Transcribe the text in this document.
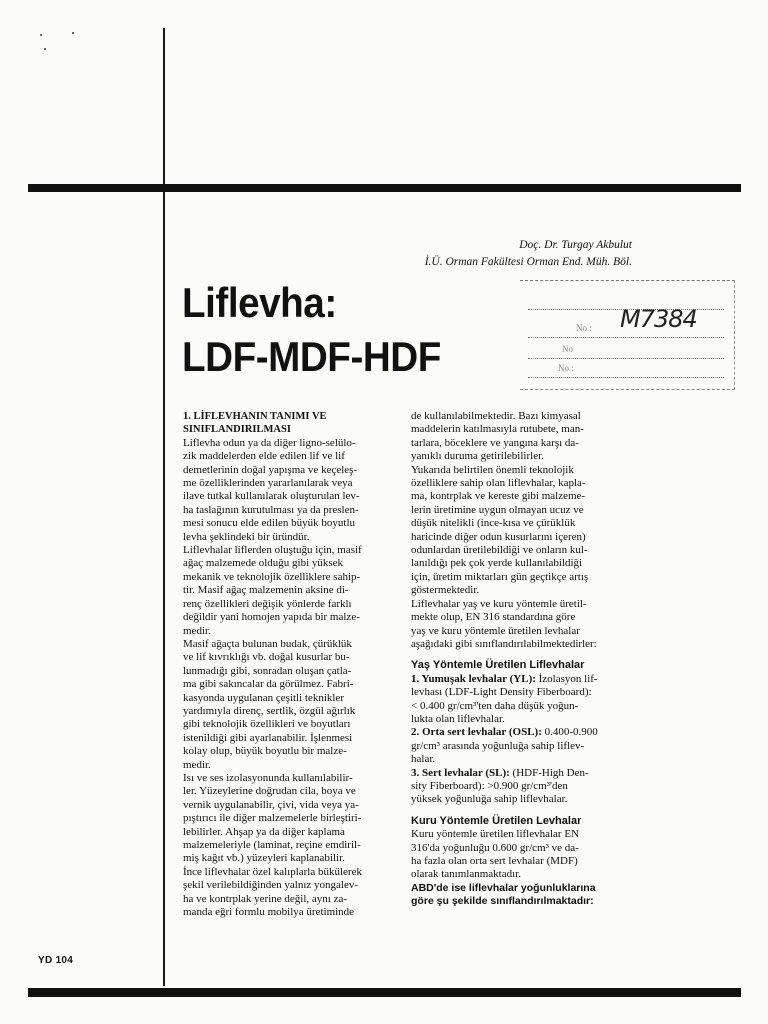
YD 104
Doç. Dr. Turgay Akbulut
İ.Ü. Orman Fakültesi Orman End. Müh. Böl.
Liflevha:
LDF-MDF-HDF
No :	M7384
No
No :
1. LİFLEVHANIN TANIMI VE
SINIFLANDIRILMASI
Liflevha odun ya da diğer ligno-selülo-
zik maddelerden elde edilen lif ve lif
demetlerinin doğal yapışma ve keçeleş-
me özelliklerinden yararlanılarak veya
ilave tutkal kullanılarak oluşturulan lev-
ha taslağının kurutulması ya da preslen-
mesi sonucu elde edilen büyük boyutlu
levha şeklindeki bir üründür.
Liflevhalar liflerden oluştuğu için, masif
ağaç malzemede olduğu gibi yüksek
mekanik ve teknolojik özelliklere sahip-
tir. Masif ağaç malzemenin aksine di-
renç özellikleri değişik yönlerde farklı
değildir yani homojen yapıda bir malze-
medir.
Masif ağaçta bulunan budak, çürüklük
ve lif kıvrıklığı vb. doğal kusurlar bu-
lunmadığı gibi, sonradan oluşan çatla-
ma gibi sakıncalar da görülmez. Fabri-
kasyonda uygulanan çeşitli teknikler
yardımıyla direnç, sertlik, özgül ağırlık
gibi teknolojik özellikleri ve boyutları
istenildiği gibi ayarlanabilir. İşlenmesi
kolay olup, büyük boyutlu bir malze-
medir.
Isı ve ses izolasyonunda kullanılabilir-
ler. Yüzeylerine doğrudan cila, boya ve
vernik uygulanabilir, çivi, vida veya ya-
pıştırıcı ile diğer malzemelerle birleştiri-
lebilirler. Ahşap ya da diğer kaplama
malzemeleriyle (laminat, reçine emdiril-
miş kağıt vb.) yüzeyleri kaplanabilir.
İnce liflevhalar özel kalıplarla bükülerek
şekil verilebildiğinden yalnız yongalev-
ha ve kontrplak yerine değil, aynı za-
manda eğri formlu mobilya üretiminde
de kullanılabilmektedir. Bazı kimyasal
maddelerin katılmasıyla rutubete, man-
tarlara, böceklere ve yangına karşı da-
yanıklı duruma getirilebilirler.
Yukarıda belirtilen önemli teknolojik
özelliklere sahip olan liflevhalar, kapla-
ma, kontrplak ve kereste gibi malzeme-
lerin üretimine uygun olmayan ucuz ve
düşük nitelikli (ince-kısa ve çürüklük
haricinde diğer odun kusurlarını içeren)
odunlardan üretilebildiği ve onların kul-
lanıldığı pek çok yerde kullanılabildiği
için, üretim miktarları gün geçtikçe artış
göstermektedir.
Liflevhalar yaş ve kuru yöntemle üretil-
mekte olup, EN 316 standardına göre
yaş ve kuru yöntemle üretilen levhalar
aşağıdaki gibi sınıflandırılabilmektedirler:
Yaş Yöntemle Üretilen Liflevhalar
1. Yumuşak levhalar (YL): İzolasyon lif-
levhası (LDF-Light Density Fiberboard):
< 0.400 gr/cm³'ten daha düşük yoğun-
lukta olan liflevhalar.
2. Orta sert levhalar (OSL): 0.400-0.900
gr/cm³ arasında yoğunluğa sahip liflev-
halar.
3. Sert levhalar (SL): (HDF-High Den-
sity Fiberboard): >0.900 gr/cm³'den
yüksek yoğunluğa sahip liflevhalar.
Kuru Yöntemle Üretilen Levhalar
Kuru yöntemle üretilen liflevhalar EN
316'da yoğunluğu 0.600 gr/cm³ ve da-
ha fazla olan orta sert levhalar (MDF)
olarak tanımlanmaktadır.
ABD'de ise liflevhalar yoğunluklarına
göre şu şekilde sınıflandırılmaktadır:
